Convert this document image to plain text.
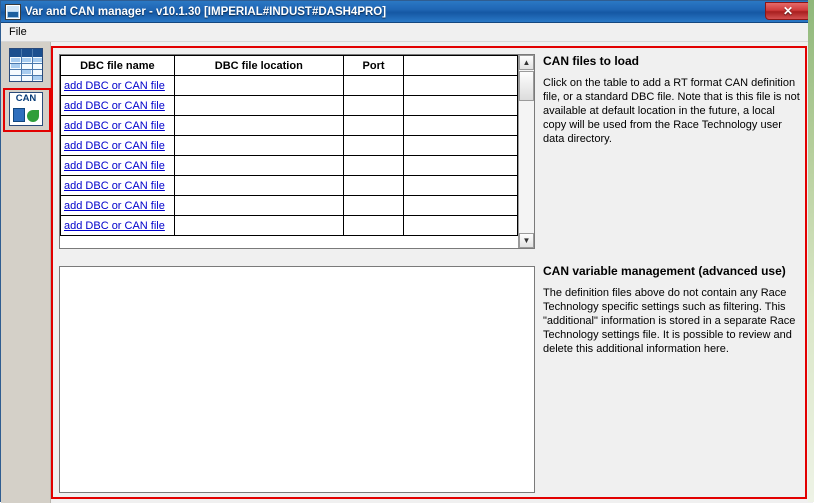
Var and CAN manager - v10.1.30 [IMPERIAL#INDUST#DASH4PRO]	✕
File
CAN
DBC file name	DBC file location	Port	
add DBC or CAN file			
add DBC or CAN file			
add DBC or CAN file			
add DBC or CAN file			
add DBC or CAN file			
add DBC or CAN file			
add DBC or CAN file			
add DBC or CAN file			
▲
▼
CAN files to load
Click on the table to add a RT format CAN definition file, or a standard DBC file. Note that is this file is not available at default location in the future, a local copy will be used from the Race Technology user data directory.
CAN variable management (advanced use)
The definition files above do not contain any Race Technology specific settings such as filtering. This "additional" information is stored in a separate Race Technology settings file. It is possible to review and delete this additional information here.
